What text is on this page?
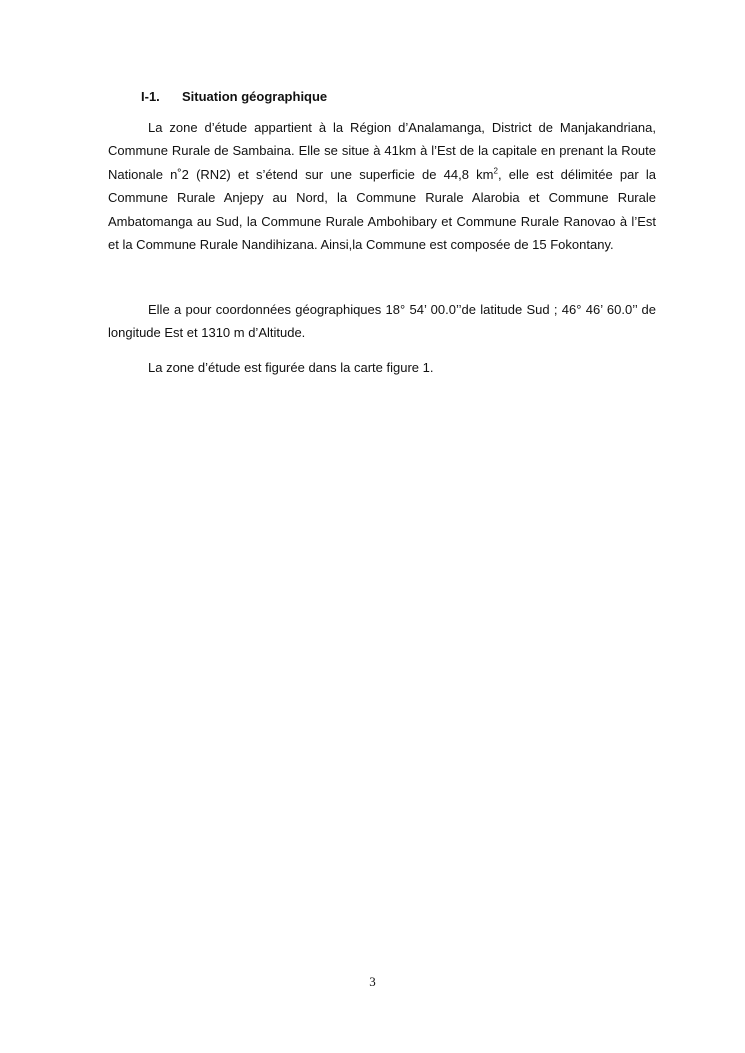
I-1. Situation géographique

La zone d’étude appartient à la Région d’Analamanga, District de Manjakandriana, Commune Rurale de Sambaina. Elle se situe à 41km à l’Est de la capitale en prenant la Route Nationale n˚2 (RN2) et s’étend sur une superficie de 44,8 $km^2$, elle est délimitée par la Commune Rurale Anjepy au Nord, la Commune Rurale Alarobia et Commune Rurale Ambatomanga au Sud, la Commune Rurale Ambohibary et Commune Rurale Ranovao à l’Est et la Commune Rurale Nandihizana. Ainsi,la Commune est composée de 15 Fokontany.

Elle a pour coordonnées géographiques 18° 54’ 00.0’’de latitude Sud ; 46° 46’ 60.0’’ de longitude Est et 1310 m d’Altitude.

La zone d’étude est figurée dans la carte figure 1.

3
